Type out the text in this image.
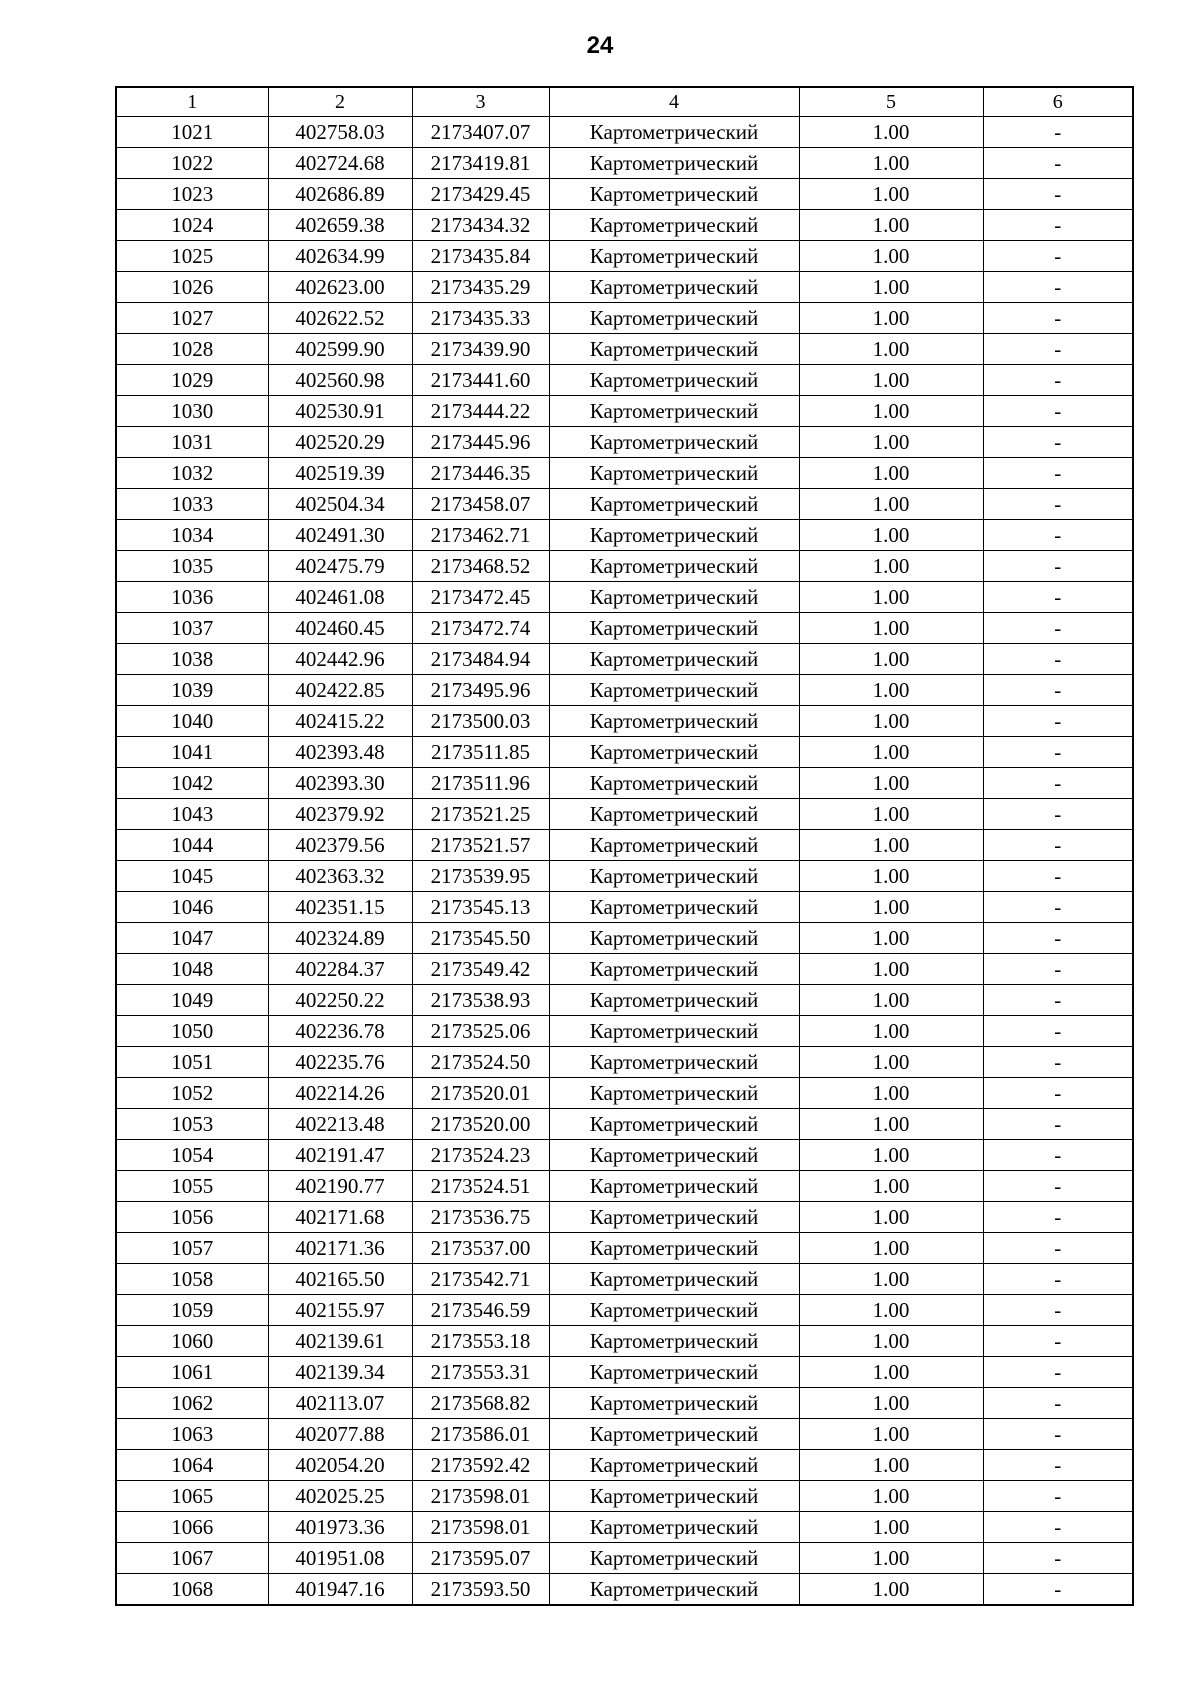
24
1	2	3	4	5	6
1021	402758.03	2173407.07	Картометрический	1.00	-
1022	402724.68	2173419.81	Картометрический	1.00	-
1023	402686.89	2173429.45	Картометрический	1.00	-
1024	402659.38	2173434.32	Картометрический	1.00	-
1025	402634.99	2173435.84	Картометрический	1.00	-
1026	402623.00	2173435.29	Картометрический	1.00	-
1027	402622.52	2173435.33	Картометрический	1.00	-
1028	402599.90	2173439.90	Картометрический	1.00	-
1029	402560.98	2173441.60	Картометрический	1.00	-
1030	402530.91	2173444.22	Картометрический	1.00	-
1031	402520.29	2173445.96	Картометрический	1.00	-
1032	402519.39	2173446.35	Картометрический	1.00	-
1033	402504.34	2173458.07	Картометрический	1.00	-
1034	402491.30	2173462.71	Картометрический	1.00	-
1035	402475.79	2173468.52	Картометрический	1.00	-
1036	402461.08	2173472.45	Картометрический	1.00	-
1037	402460.45	2173472.74	Картометрический	1.00	-
1038	402442.96	2173484.94	Картометрический	1.00	-
1039	402422.85	2173495.96	Картометрический	1.00	-
1040	402415.22	2173500.03	Картометрический	1.00	-
1041	402393.48	2173511.85	Картометрический	1.00	-
1042	402393.30	2173511.96	Картометрический	1.00	-
1043	402379.92	2173521.25	Картометрический	1.00	-
1044	402379.56	2173521.57	Картометрический	1.00	-
1045	402363.32	2173539.95	Картометрический	1.00	-
1046	402351.15	2173545.13	Картометрический	1.00	-
1047	402324.89	2173545.50	Картометрический	1.00	-
1048	402284.37	2173549.42	Картометрический	1.00	-
1049	402250.22	2173538.93	Картометрический	1.00	-
1050	402236.78	2173525.06	Картометрический	1.00	-
1051	402235.76	2173524.50	Картометрический	1.00	-
1052	402214.26	2173520.01	Картометрический	1.00	-
1053	402213.48	2173520.00	Картометрический	1.00	-
1054	402191.47	2173524.23	Картометрический	1.00	-
1055	402190.77	2173524.51	Картометрический	1.00	-
1056	402171.68	2173536.75	Картометрический	1.00	-
1057	402171.36	2173537.00	Картометрический	1.00	-
1058	402165.50	2173542.71	Картометрический	1.00	-
1059	402155.97	2173546.59	Картометрический	1.00	-
1060	402139.61	2173553.18	Картометрический	1.00	-
1061	402139.34	2173553.31	Картометрический	1.00	-
1062	402113.07	2173568.82	Картометрический	1.00	-
1063	402077.88	2173586.01	Картометрический	1.00	-
1064	402054.20	2173592.42	Картометрический	1.00	-
1065	402025.25	2173598.01	Картометрический	1.00	-
1066	401973.36	2173598.01	Картометрический	1.00	-
1067	401951.08	2173595.07	Картометрический	1.00	-
1068	401947.16	2173593.50	Картометрический	1.00	-
